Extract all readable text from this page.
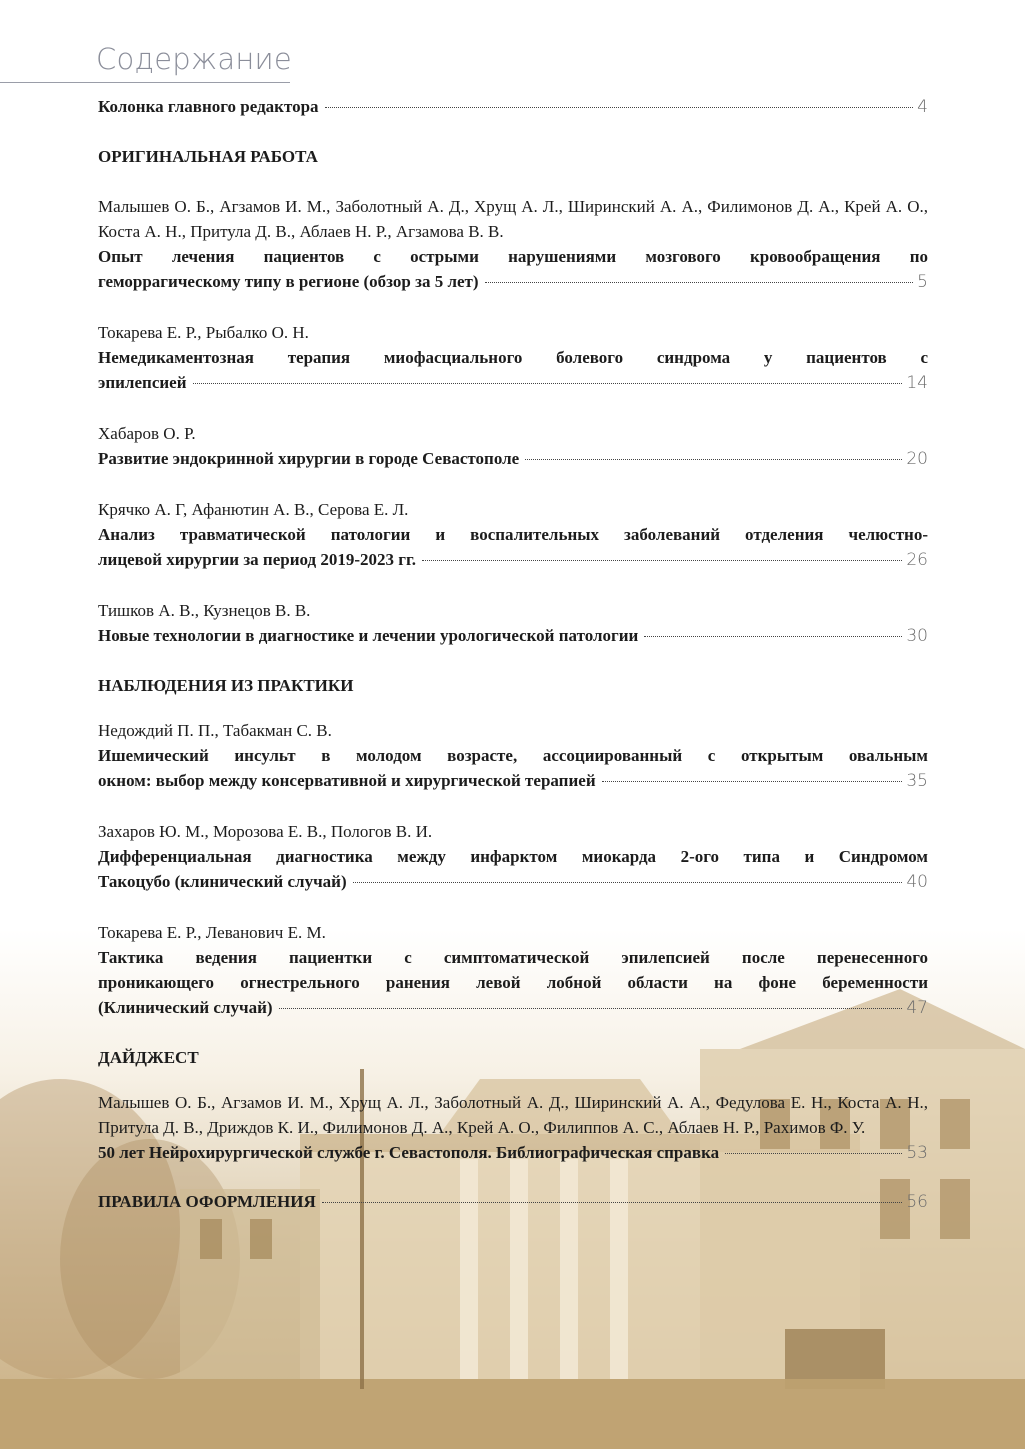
Содержание
Колонка главного редактора	4

ОРИГИНАЛЬНАЯ РАБОТА

Малышев О. Б., Агзамов И. М., Заболотный А. Д., Хрущ А. Л., Ширинский А. А., Филимонов Д. А., Крей А. О., Коста А. Н., Притула Д. В., Аблаев Н. Р., Агзамова В. В.

Опыт лечения пациентов с острыми нарушениями мозгового кровообращения по

геморрагическому типу в регионе (обзор за 5 лет)	5

Токарева Е. Р., Рыбалко О. Н.

Немедикаментозная терапия миофасциального болевого синдрома у пациентов с

эпилепсией	14

Хабаров О. Р.

Развитие эндокринной хирургии в городе Севастополе	20

Крячко А. Г, Афанютин А. В., Серова Е. Л.

Анализ травматической патологии и воспалительных заболеваний отделения челюстно-

лицевой хирургии за период 2019-2023 гг.	26

Тишков А. В., Кузнецов В. В.

Новые технологии в диагностике и лечении урологической патологии	30

НАБЛЮДЕНИЯ ИЗ ПРАКТИКИ

Недождий П. П., Табакман С. В.

Ишемический инсульт в молодом возрасте, ассоциированный с открытым овальным

окном: выбор между консервативной и хирургической терапией	35

Захаров Ю. М., Морозова Е. В., Пологов В. И.

Дифференциальная диагностика между инфарктом миокарда 2-ого типа и Синдромом

Такоцубо (клинический случай)	40

Токарева Е. Р., Леванович Е. М.

Тактика ведения пациентки с симптоматической эпилепсией после перенесенного

проникающего огнестрельного ранения левой лобной области на фоне беременности

(Клинический случай)	47

ДАЙДЖЕСТ

Малышев О. Б., Агзамов И. М., Хрущ А. Л., Заболотный А. Д., Ширинский А. А., Федулова Е. Н., Коста А. Н., Притула Д. В., Дриждов К. И., Филимонов Д. А., Крей А. О., Филиппов А. С., Аблаев Н. Р., Рахимов Ф. У.

50 лет Нейрохирургической службе г. Севастополя. Библиографическая справка	53
ПРАВИЛА ОФОРМЛЕНИЯ	56
